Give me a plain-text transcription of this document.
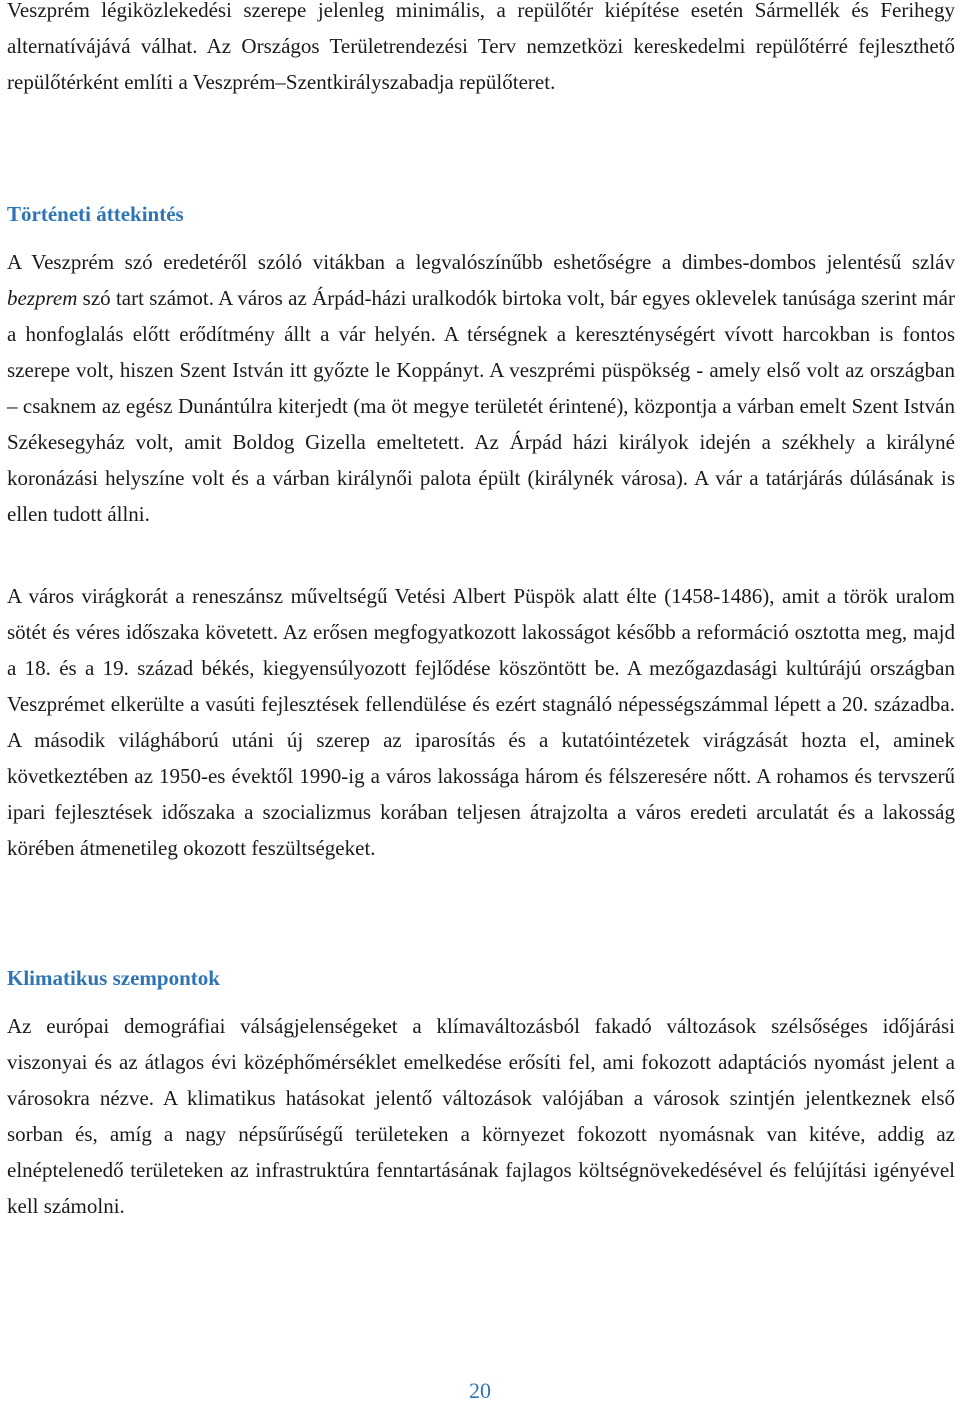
Veszprém légiközlekedési szerepe jelenleg minimális, a repülőtér kiépítése esetén Sármellék és Ferihegy alternatívájává válhat. Az Országos Területrendezési Terv nemzetközi kereskedelmi repülőtérré fejleszthető repülőtérként említi a Veszprém–Szentkirályszabadja repülőteret.

Történeti áttekintés

A Veszprém szó eredetéről szóló vitákban a legvalószínűbb eshetőségre a dimbes-dombos jelentésű szláv bezprem szó tart számot. A város az Árpád-házi uralkodók birtoka volt, bár egyes oklevelek tanúsága szerint már a honfoglalás előtt erődítmény állt a vár helyén. A térségnek a kereszténységért vívott harcokban is fontos szerepe volt, hiszen Szent István itt győzte le Koppányt. A veszprémi püspökség - amely első volt az országban – csaknem az egész Dunántúlra kiterjedt (ma öt megye területét érintené), központja a várban emelt Szent István Székesegyház volt, amit Boldog Gizella emeltetett. Az Árpád házi királyok idején a székhely a királyné koronázási helyszíne volt és a várban királynői palota épült (királynék városa). A vár a tatárjárás dúlásának is ellen tudott állni.

A város virágkorát a reneszánsz műveltségű Vetési Albert Püspök alatt élte (1458-1486), amit a török uralom sötét és véres időszaka követett. Az erősen megfogyatkozott lakosságot később a reformáció osztotta meg, majd a 18. és a 19. század békés, kiegyensúlyozott fejlődése köszöntött be. A mezőgazdasági kultúrájú országban Veszprémet elkerülte a vasúti fejlesztések fellendülése és ezért stagnáló népességszámmal lépett a 20. századba. A második világháború utáni új szerep az iparosítás és a kutatóintézetek virágzását hozta el, aminek következtében az 1950-es évektől 1990-ig a város lakossága három és félszeresére nőtt. A rohamos és tervszerű ipari fejlesztések időszaka a szocializmus korában teljesen átrajzolta a város eredeti arculatát és a lakosság körében átmenetileg okozott feszültségeket.

Klimatikus szempontok

Az európai demográfiai válságjelenségeket a klímaváltozásból fakadó változások szélsőséges időjárási viszonyai és az átlagos évi középhőmérséklet emelkedése erősíti fel, ami fokozott adaptációs nyomást jelent a városokra nézve. A klimatikus hatásokat jelentő változások valójában a városok szintjén jelentkeznek első sorban és, amíg a nagy népsűrűségű területeken a környezet fokozott nyomásnak van kitéve, addig az elnéptelenedő területeken az infrastruktúra fenntartásának fajlagos költségnövekedésével és felújítási igényével kell számolni.

20
